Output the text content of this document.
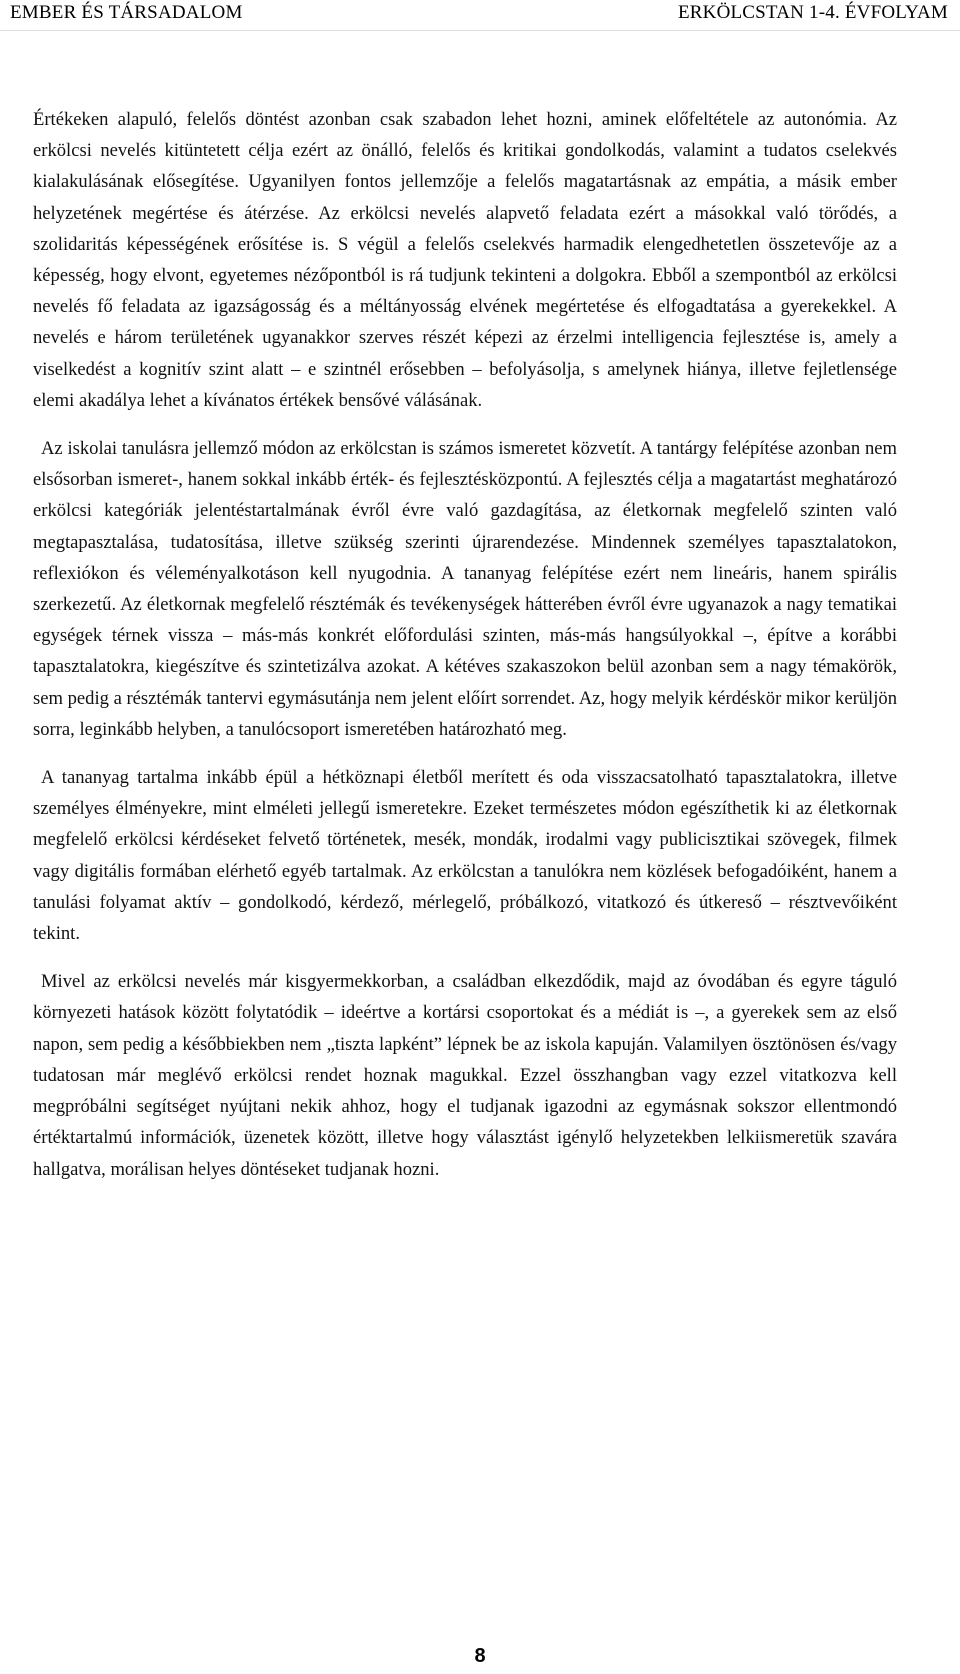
EMBER ÉS TÁRSADALOM	ERKÖLCSTAN 1-4. ÉVFOLYAM

Értékeken alapuló, felelős döntést azonban csak szabadon lehet hozni, aminek előfeltétele az autonómia. Az erkölcsi nevelés kitüntetett célja ezért az önálló, felelős és kritikai gondolkodás, valamint a tudatos cselekvés kialakulásának elősegítése. Ugyanilyen fontos jellemzője a felelős magatartásnak az empátia, a másik ember helyzetének megértése és átérzése. Az erkölcsi nevelés alapvető feladata ezért a másokkal való törődés, a szolidaritás képességének erősítése is. S végül a felelős cselekvés harmadik elengedhetetlen összetevője az a képesség, hogy elvont, egyetemes nézőpontból is rá tudjunk tekinteni a dolgokra. Ebből a szempontból az erkölcsi nevelés fő feladata az igazságosság és a méltányosság elvének megértetése és elfogadtatása a gyerekekkel. A nevelés e három területének ugyanakkor szerves részét képezi az érzelmi intelligencia fejlesztése is, amely a viselkedést a kognitív szint alatt – e szintnél erősebben – befolyásolja, s amelynek hiánya, illetve fejletlensége elemi akadálya lehet a kívánatos értékek bensővé válásának.

Az iskolai tanulásra jellemző módon az erkölcstan is számos ismeretet közvetít. A tantárgy felépítése azonban nem elsősorban ismeret-, hanem sokkal inkább érték- és fejlesztésközpontú. A fejlesztés célja a magatartást meghatározó erkölcsi kategóriák jelentéstartalmának évről évre való gazdagítása, az életkornak megfelelő szinten való megtapasztalása, tudatosítása, illetve szükség szerinti újrarendezése. Mindennek személyes tapasztalatokon, reflexiókon és véleményalkotáson kell nyugodnia. A tananyag felépítése ezért nem lineáris, hanem spirális szerkezetű. Az életkornak megfelelő résztémák és tevékenységek hátterében évről évre ugyanazok a nagy tematikai egységek térnek vissza – más-más konkrét előfordulási szinten, más-más hangsúlyokkal –, építve a korábbi tapasztalatokra, kiegészítve és szintetizálva azokat. A kétéves szakaszokon belül azonban sem a nagy témakörök, sem pedig a résztémák tantervi egymásutánja nem jelent előírt sorrendet. Az, hogy melyik kérdéskör mikor kerüljön sorra, leginkább helyben, a tanulócsoport ismeretében határozható meg.

A tananyag tartalma inkább épül a hétköznapi életből merített és oda visszacsatolható tapasztalatokra, illetve személyes élményekre, mint elméleti jellegű ismeretekre. Ezeket természetes módon egészíthetik ki az életkornak megfelelő erkölcsi kérdéseket felvető történetek, mesék, mondák, irodalmi vagy publicisztikai szövegek, filmek vagy digitális formában elérhető egyéb tartalmak. Az erkölcstan a tanulókra nem közlések befogadóiként, hanem a tanulási folyamat aktív – gondolkodó, kérdező, mérlegelő, próbálkozó, vitatkozó és útkereső – résztvevőiként tekint.

Mivel az erkölcsi nevelés már kisgyermekkorban, a családban elkezdődik, majd az óvodában és egyre táguló környezeti hatások között folytatódik – ideértve a kortársi csoportokat és a médiát is –, a gyerekek sem az első napon, sem pedig a későbbiekben nem „tiszta lapként” lépnek be az iskola kapuján. Valamilyen ösztönösen és/vagy tudatosan már meglévő erkölcsi rendet hoznak magukkal. Ezzel összhangban vagy ezzel vitatkozva kell megpróbálni segítséget nyújtani nekik ahhoz, hogy el tudjanak igazodni az egymásnak sokszor ellentmondó értéktartalmú információk, üzenetek között, illetve hogy választást igénylő helyzetekben lelkiismeretük szavára hallgatva, morálisan helyes döntéseket tudjanak hozni.

8
